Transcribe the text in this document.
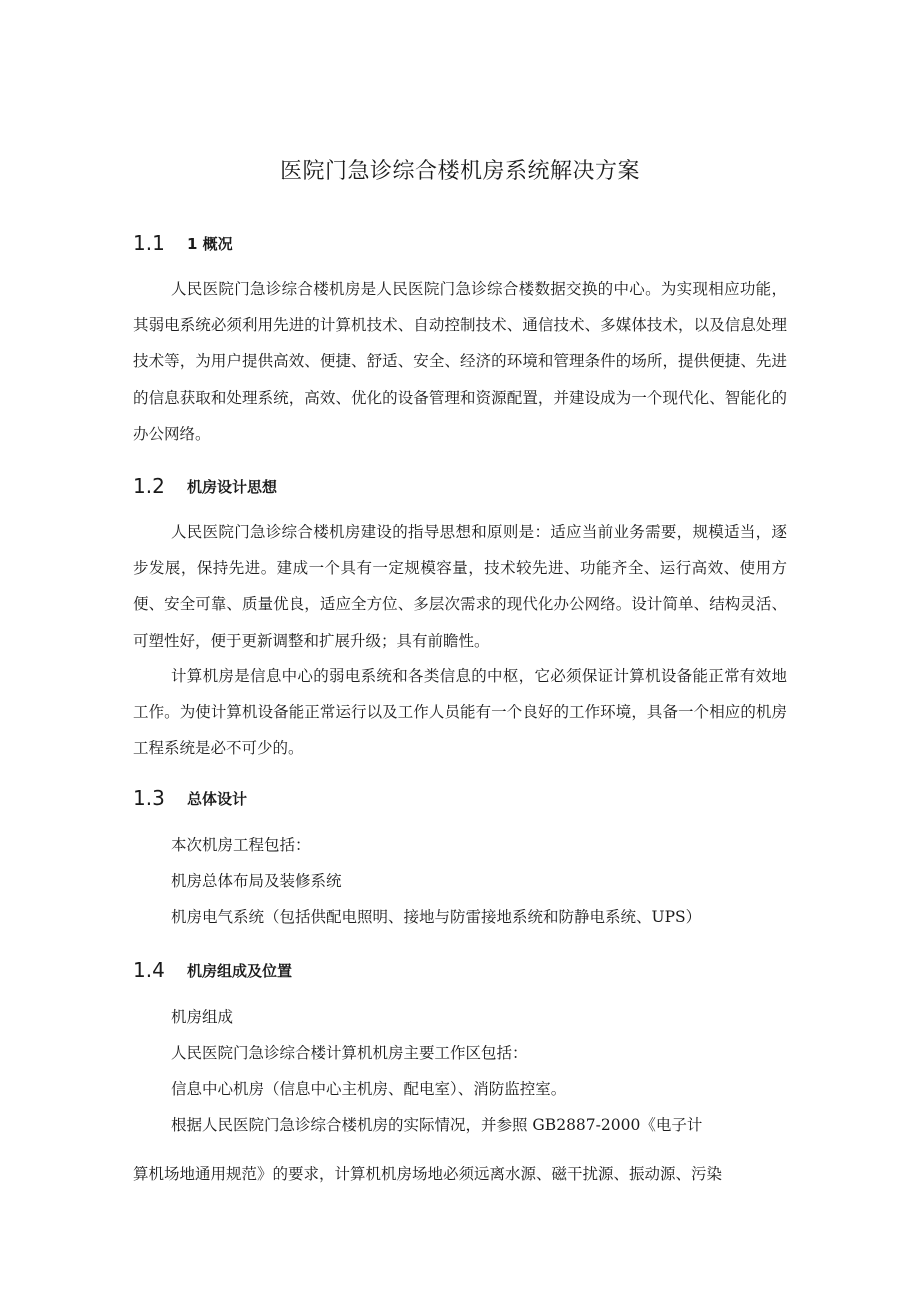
医院门急诊综合楼机房系统解决方案
1.1	1 概况

人民医院门急诊综合楼机房是人民医院门急诊综合楼数据交换的中心。为实现相应功能，其弱电系统必须利用先进的计算机技术、自动控制技术、通信技术、多媒体技术，以及信息处理技术等，为用户提供高效、便捷、舒适、安全、经济的环境和管理条件的场所，提供便捷、先进的信息获取和处理系统，高效、优化的设备管理和资源配置，并建设成为一个现代化、智能化的办公网络。

1.2	机房设计思想

人民医院门急诊综合楼机房建设的指导思想和原则是：适应当前业务需要，规模适当，逐步发展，保持先进。建成一个具有一定规模容量，技术较先进、功能齐全、运行高效、使用方便、安全可靠、质量优良，适应全方位、多层次需求的现代化办公网络。设计简单、结构灵活、可塑性好，便于更新调整和扩展升级；具有前瞻性。

计算机房是信息中心的弱电系统和各类信息的中枢，它必须保证计算机设备能正常有效地工作。为使计算机设备能正常运行以及工作人员能有一个良好的工作环境，具备一个相应的机房工程系统是必不可少的。

1.3	总体设计

本次机房工程包括：

机房总体布局及装修系统

机房电气系统（包括供配电照明、接地与防雷接地系统和防静电系统、UPS）

1.4	机房组成及位置

机房组成

人民医院门急诊综合楼计算机机房主要工作区包括：

信息中心机房（信息中心主机房、配电室）、消防监控室。

根据人民医院门急诊综合楼机房的实际情况，并参照 GB2887-2000《电子计

算机场地通用规范》的要求，计算机机房场地必须远离水源、磁干扰源、振动源、污染
